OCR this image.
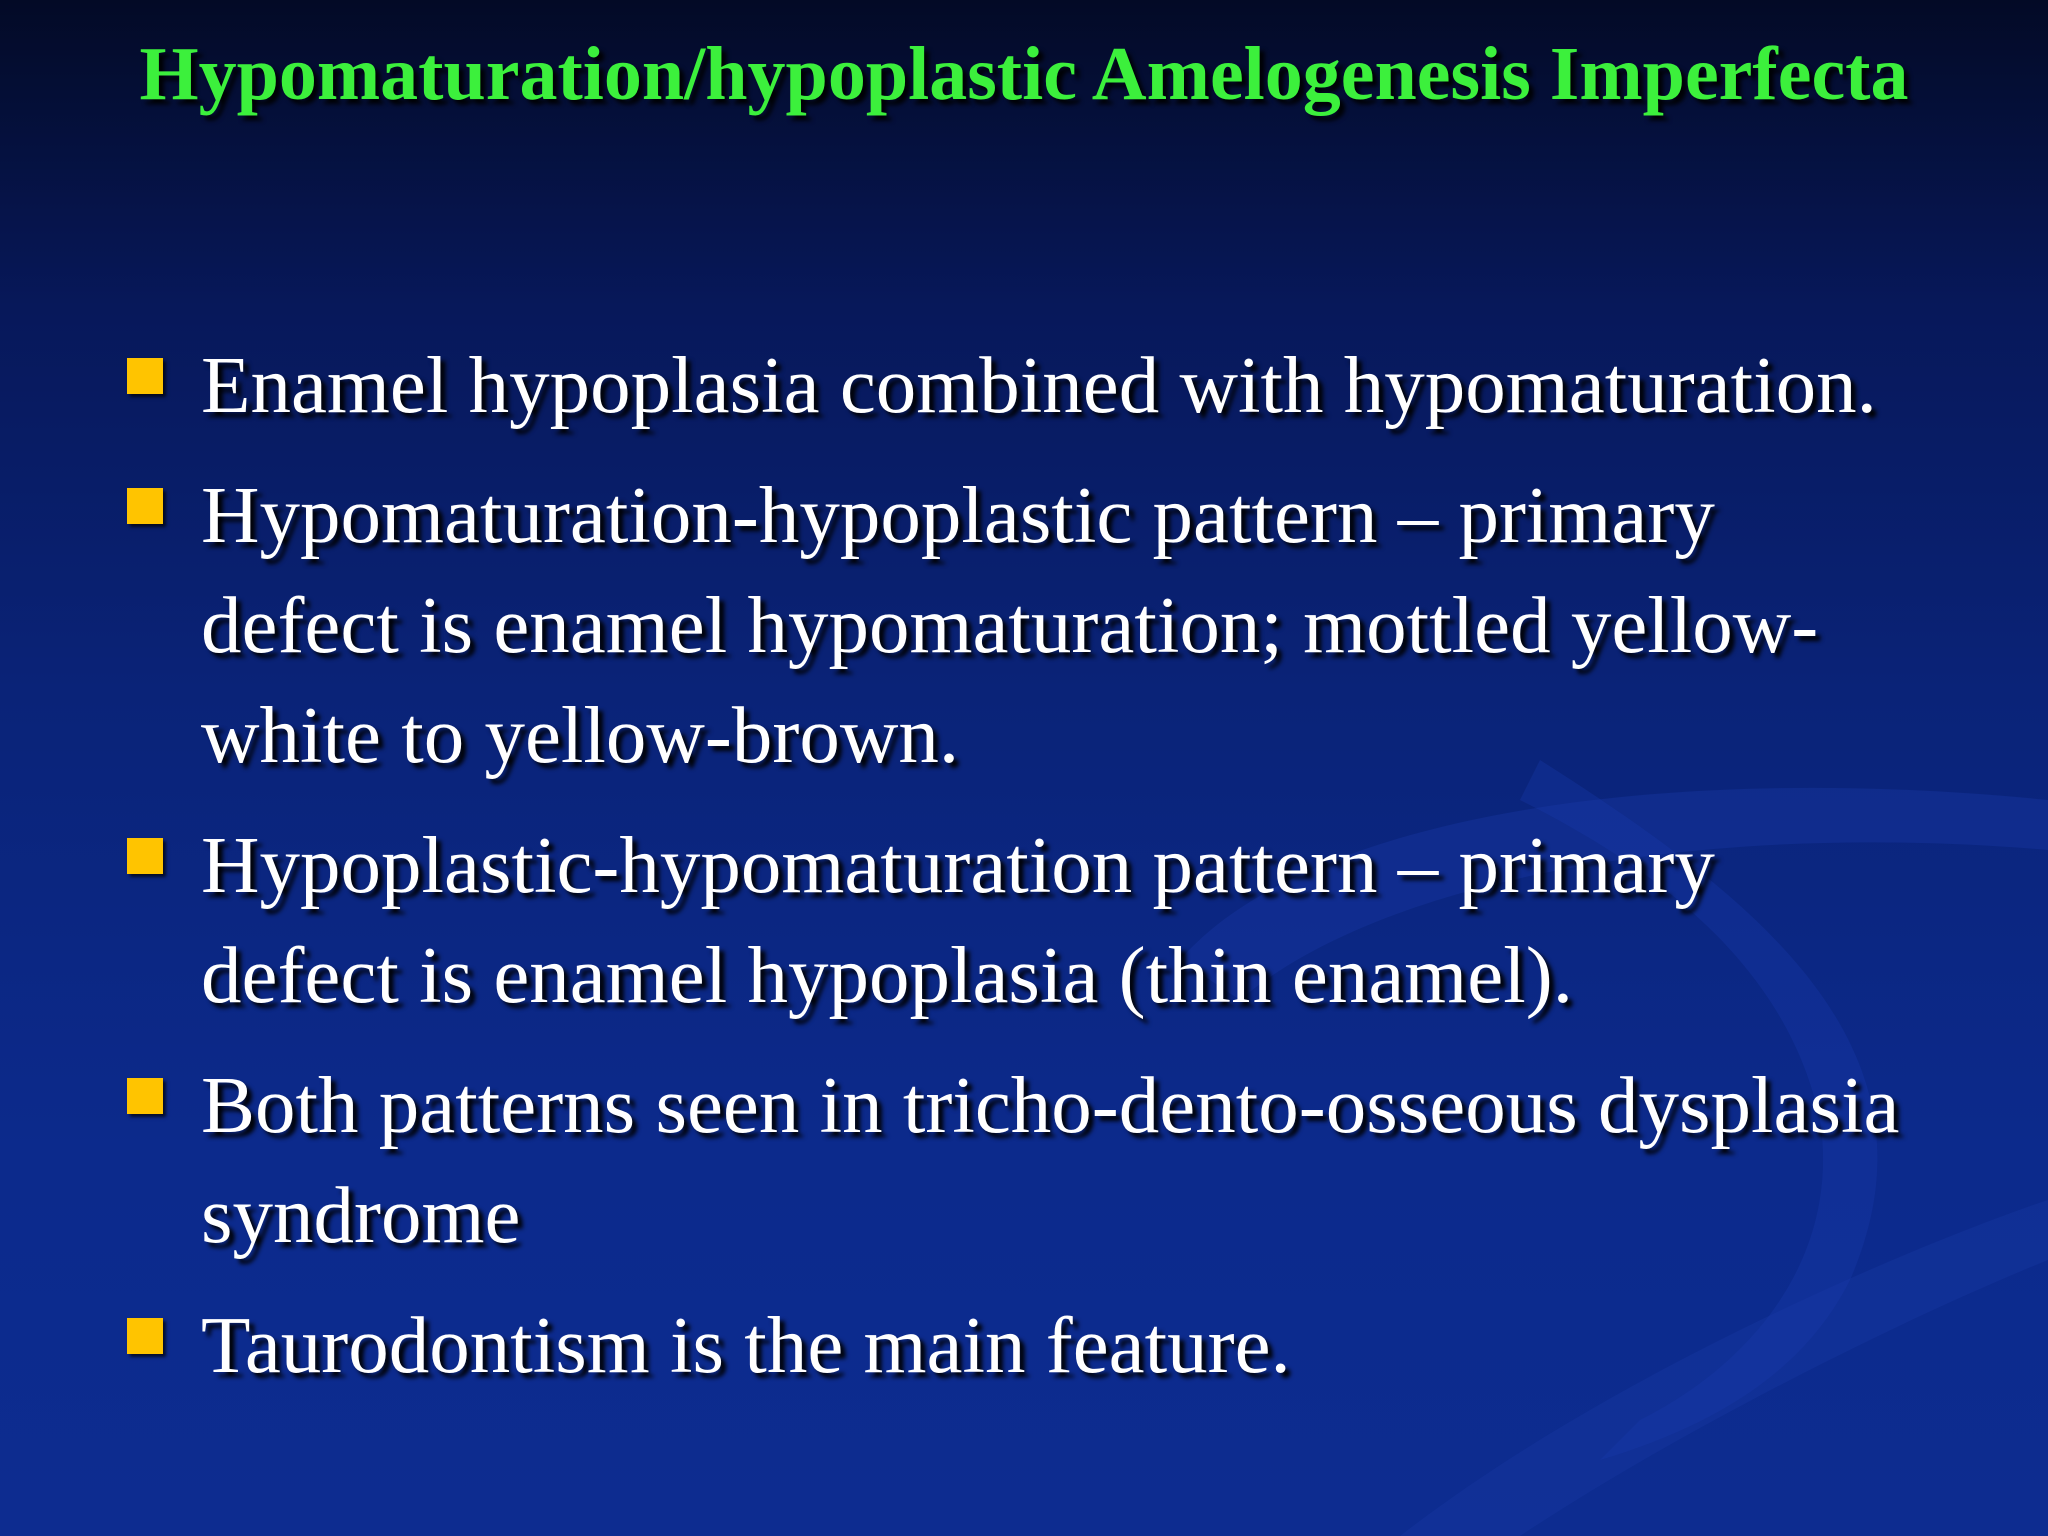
Hypomaturation/hypoplastic Amelogenesis Imperfecta
Enamel hypoplasia combined with hypomaturation.
Hypomaturation-hypoplastic pattern – primary defect is enamel hypomaturation; mottled yellow-white to yellow-brown.
Hypoplastic-hypomaturation pattern – primary defect is enamel hypoplasia (thin enamel).
Both patterns seen in tricho-dento-osseous dysplasia syndrome
Taurodontism is the main feature.
